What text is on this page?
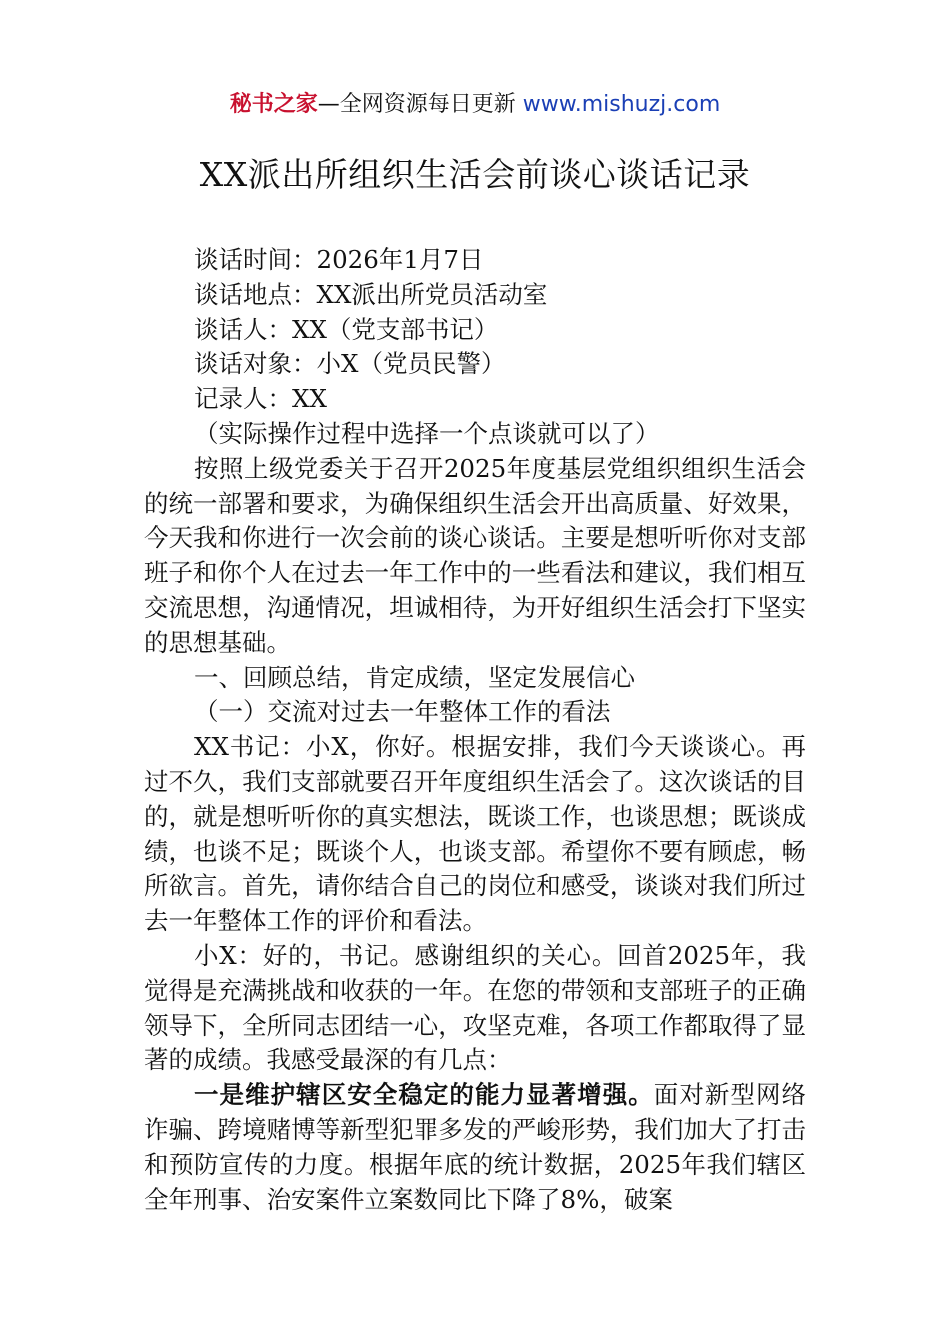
秘书之家—全网资源每日更新 www.mishuzj.com
XX派出所组织生活会前谈心谈话记录

谈话时间：2026年1月7日

谈话地点：XX派出所党员活动室

谈话人：XX（党支部书记）

谈话对象：小X（党员民警）

记录人：XX

（实际操作过程中选择一个点谈就可以了）

按照上级党委关于召开2025年度基层党组织组织生活会的统一部署和要求，为确保组织生活会开出高质量、好效果，今天我和你进行一次会前的谈心谈话。主要是想听听你对支部班子和你个人在过去一年工作中的一些看法和建议，我们相互交流思想，沟通情况，坦诚相待，为开好组织生活会打下坚实的思想基础。

一、回顾总结，肯定成绩，坚定发展信心

（一）交流对过去一年整体工作的看法

XX书记：小X，你好。根据安排，我们今天谈谈心。再过不久，我们支部就要召开年度组织生活会了。这次谈话的目的，就是想听听你的真实想法，既谈工作，也谈思想；既谈成绩，也谈不足；既谈个人，也谈支部。希望你不要有顾虑，畅所欲言。首先，请你结合自己的岗位和感受，谈谈对我们所过去一年整体工作的评价和看法。

小X：好的，书记。感谢组织的关心。回首2025年，我觉得是充满挑战和收获的一年。在您的带领和支部班子的正确领导下，全所同志团结一心，攻坚克难，各项工作都取得了显著的成绩。我感受最深的有几点：

一是维护辖区安全稳定的能力显著增强。面对新型网络诈骗、跨境赌博等新型犯罪多发的严峻形势，我们加大了打击和预防宣传的力度。根据年底的统计数据，2025年我们辖区全年刑事、治安案件立案数同比下降了8%，破案
